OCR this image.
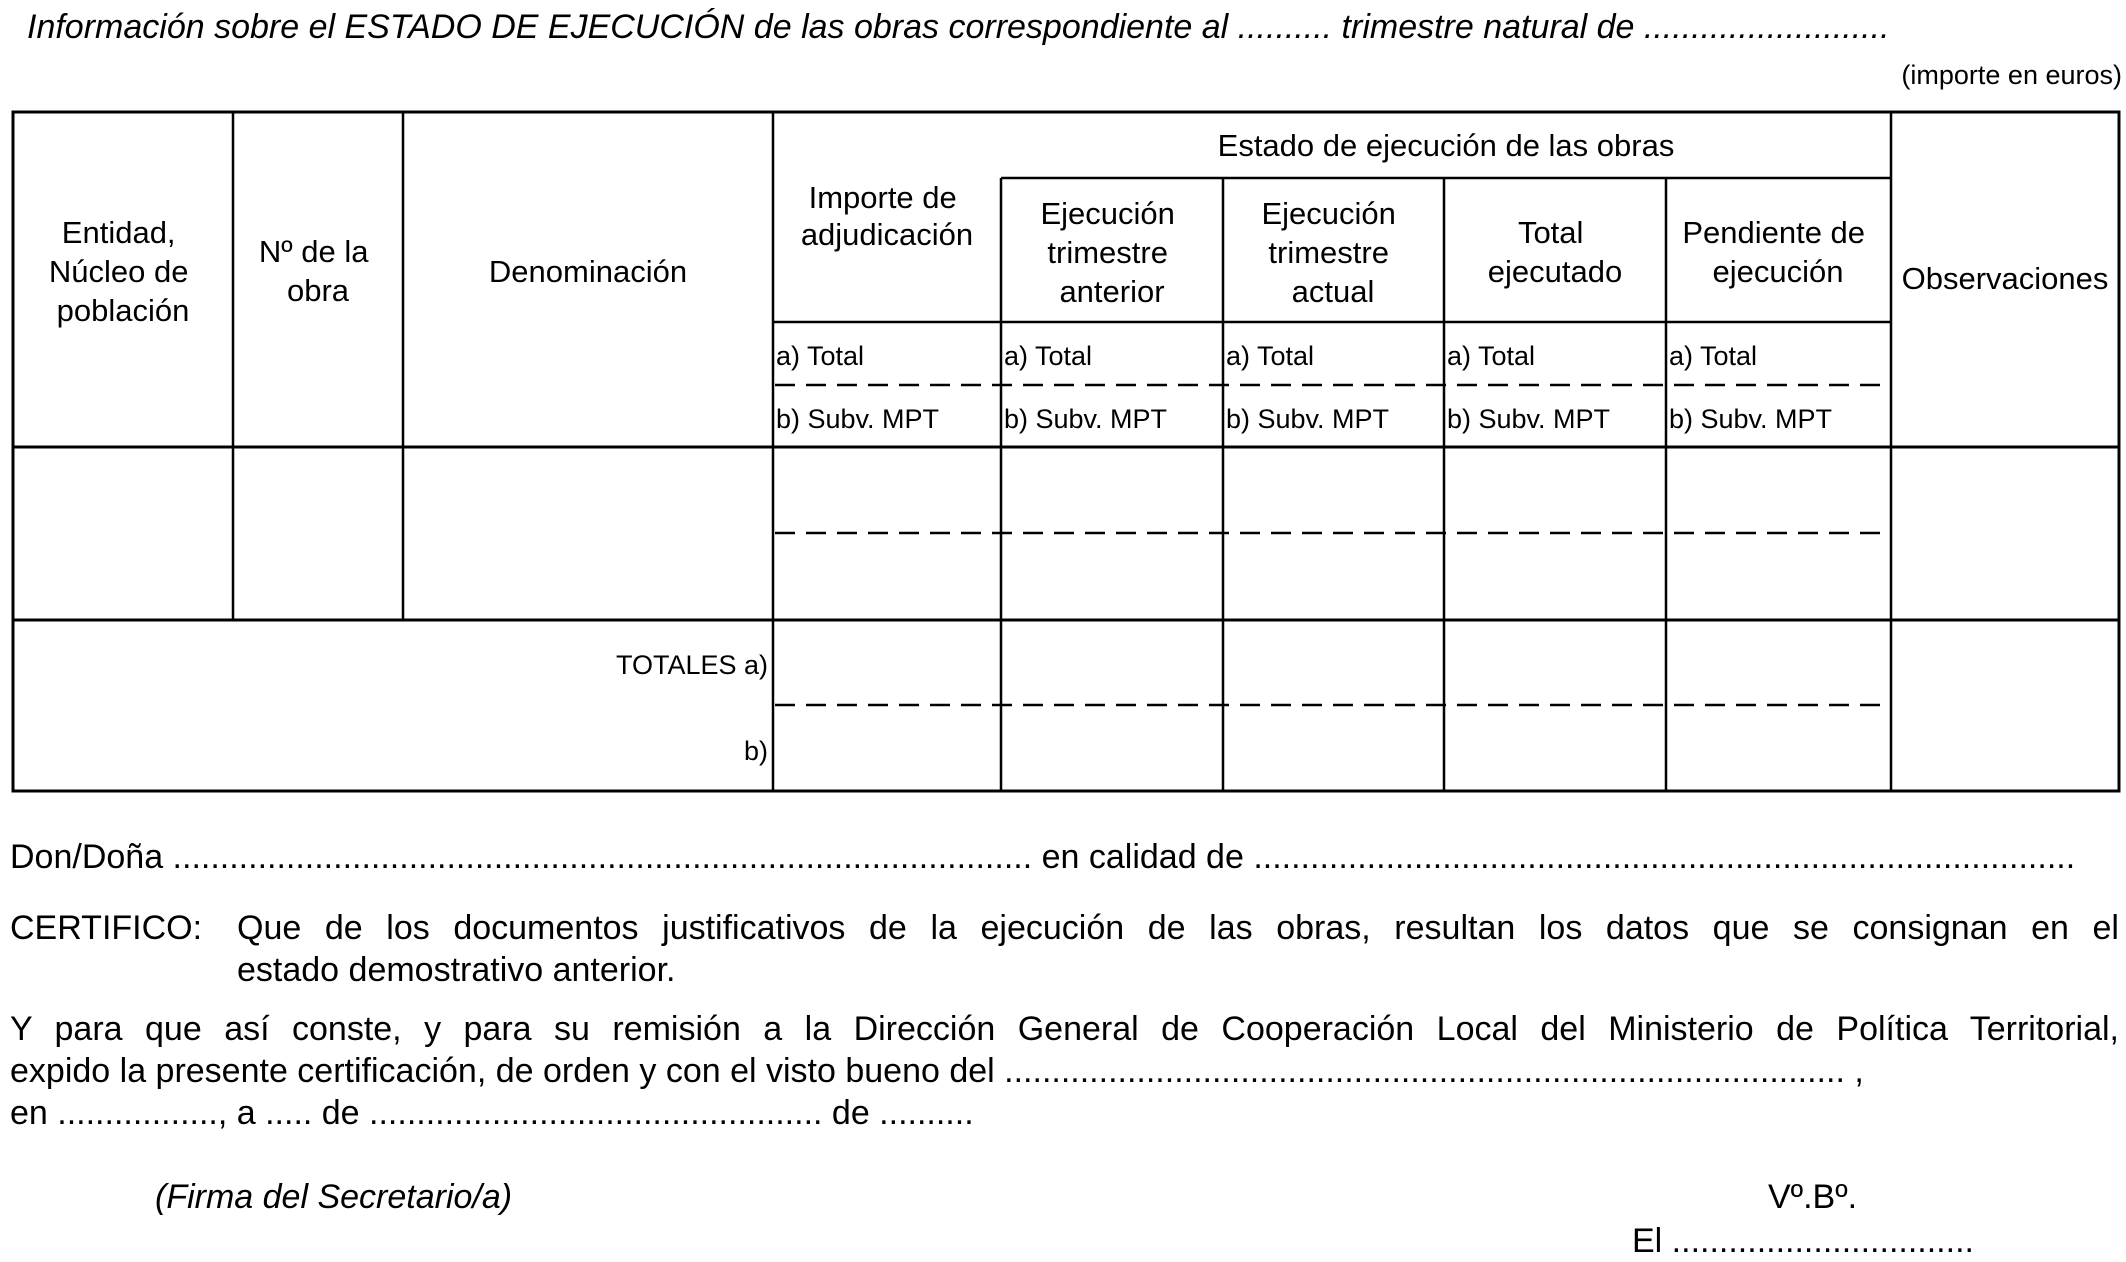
Información sobre el ESTADO DE EJECUCIÓN de las obras correspondiente al .......... trimestre natural de ..........................
(importe en euros)
Entidad, Núcleo de población
Nº de la obra
Denominación
Importe de adjudicación
Estado de ejecución de las obras
Ejecución trimestre anterior
Ejecución trimestre actual
Total ejecutado
Pendiente de ejecución	Observaciones
a) Total
b) Subv. MPT
a) Total
b) Subv. MPT
a) Total
b) Subv. MPT
a) Total
b) Subv. MPT
a) Total
b) Subv. MPT
TOTALES a)
b)
Don/Doña ........................................................................................... en calidad de .......................................................................................
CERTIFICO: Que de los documentos justificativos de la ejecución de las obras, resultan los datos que se consignan en el
estado demostrativo anterior.
Y para que así conste, y para su remisión a la Dirección General de Cooperación Local del Ministerio de Política Territorial,
expido la presente certificación, de orden y con el visto bueno del ......................................................................................... ,
en ................., a ..... de ................................................ de ..........
(Firma del Secretario/a)	Vº.Bº.
El ................................
